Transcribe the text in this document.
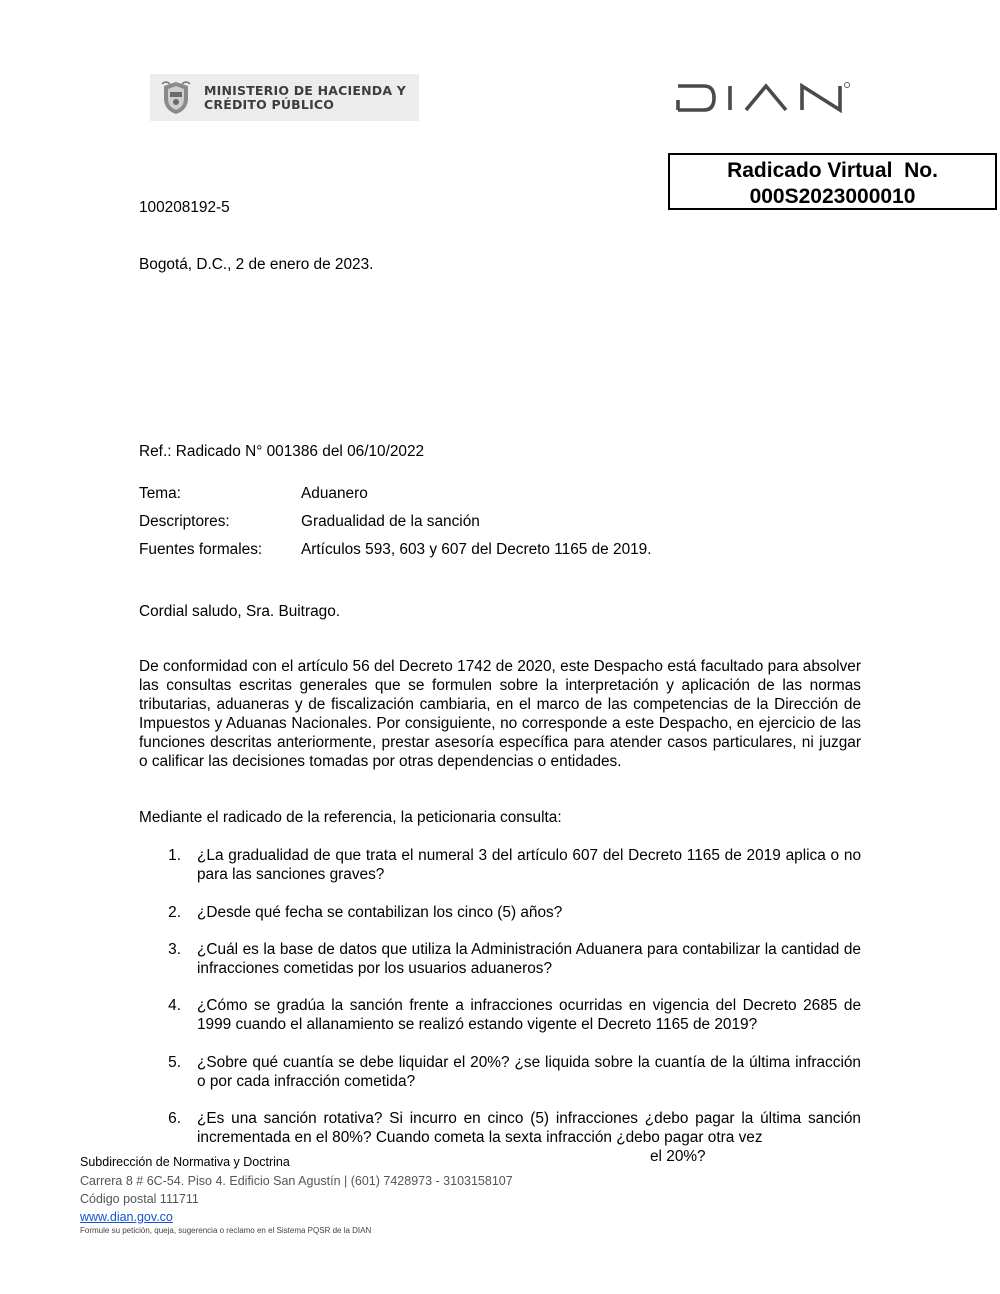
MINISTERIO DE HACIENDA Y
CRÉDITO PÚBLICO
Radicado Virtual  No.
000S2023000010
100208192-5
Bogotá, D.C., 2 de enero de 2023.
Ref.: Radicado N° 001386 del 06/10/2022
Tema:	Aduanero
Descriptores:	Gradualidad de la sanción
Fuentes formales:	Artículos 593, 603 y 607 del Decreto 1165 de 2019.
Cordial saludo, Sra. Buitrago.
De conformidad con el artículo 56 del Decreto 1742 de 2020, este Despacho está facultado para absolver las consultas escritas generales que se formulen sobre la interpretación y aplicación de las normas tributarias, aduaneras y de fiscalización cambiaria, en el marco de las competencias de la Dirección de Impuestos y Aduanas Nacionales. Por consiguiente, no corresponde a este Despacho, en ejercicio de las funciones descritas anteriormente, prestar asesoría específica para atender casos particulares, ni juzgar o calificar las decisiones tomadas por otras dependencias o entidades.
Mediante el radicado de la referencia, la peticionaria consulta:
1. ¿La gradualidad de que trata el numeral 3 del artículo 607 del Decreto 1165 de 2019 aplica o no para las sanciones graves?
2. ¿Desde qué fecha se contabilizan los cinco (5) años?
3. ¿Cuál es la base de datos que utiliza la Administración Aduanera para contabilizar la cantidad de infracciones cometidas por los usuarios aduaneros?
4. ¿Cómo se gradúa la sanción frente a infracciones ocurridas en vigencia del Decreto 2685 de 1999 cuando el allanamiento se realizó estando vigente el Decreto 1165 de 2019?
5. ¿Sobre qué cuantía se debe liquidar el 20%? ¿se liquida sobre la cuantía de la última infracción o por cada infracción cometida?
6. ¿Es una sanción rotativa? Si incurro en cinco (5) infracciones ¿debo pagar la última sanción incrementada en el 80%? Cuando cometa la sexta infracción ¿debo pagar otra vez
el 20%?
Subdirección de Normativa y Doctrina
Carrera 8 # 6C-54. Piso 4. Edificio San Agustín | (601) 7428973 - 3103158107
Código postal 111711
www.dian.gov.co
Formule su petición, queja, sugerencia o reclamo en el Sistema PQSR de la DIAN
